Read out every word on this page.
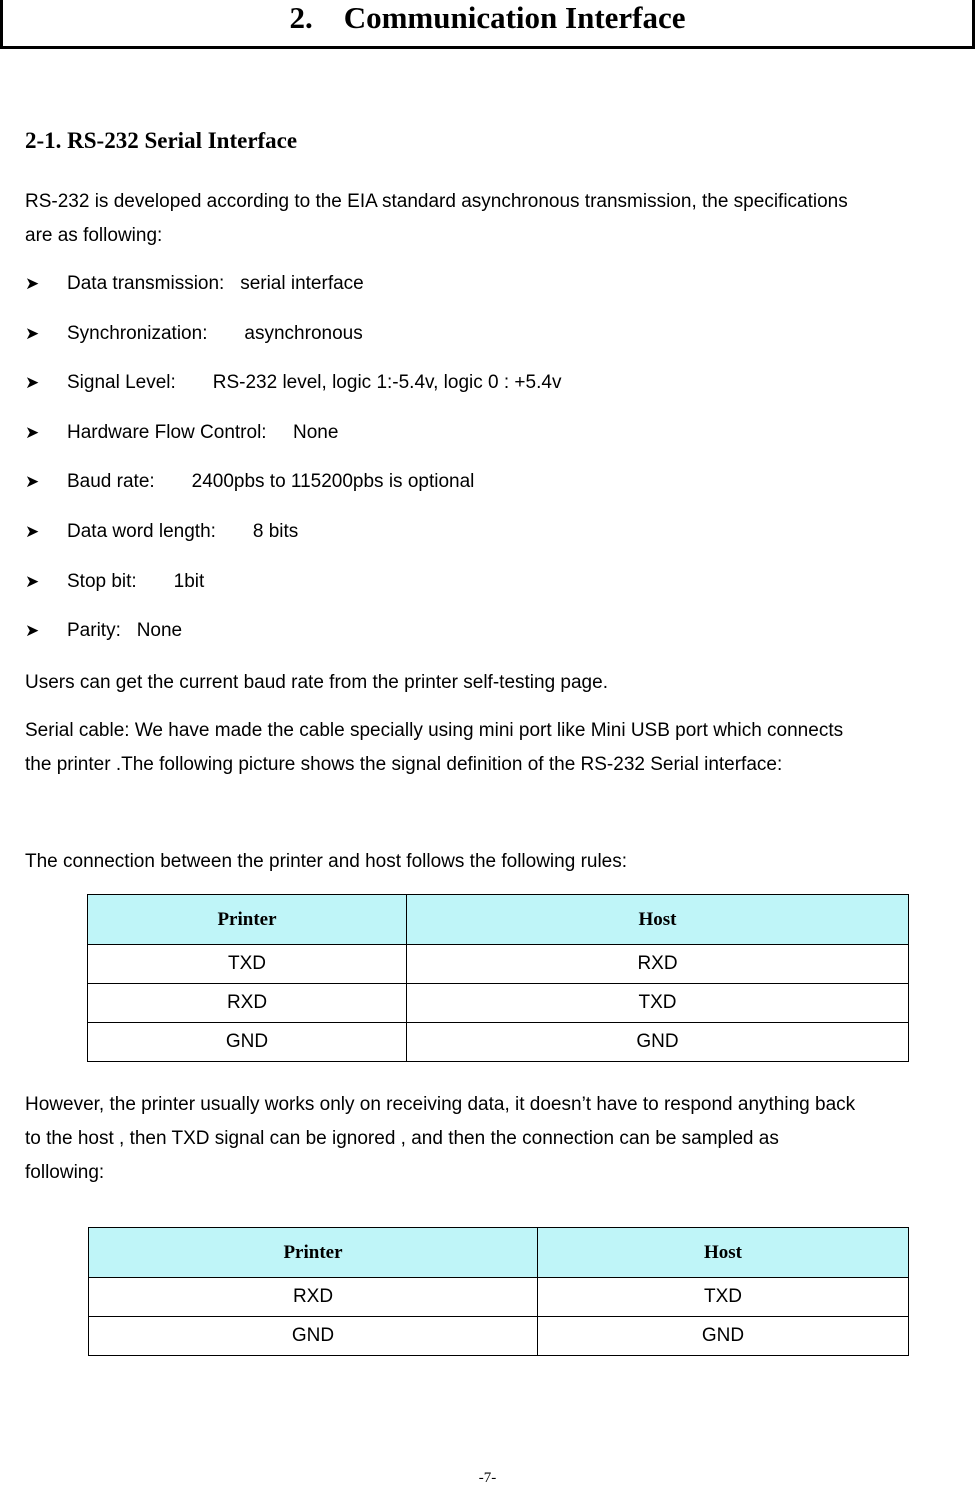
2. Communication Interface
2-1. RS-232 Serial Interface

RS-232 is developed according to the EIA standard asynchronous transmission, the specifications
are as following:

➤	Data transmission:
serial interface
➤	Synchronization:
asynchronous
➤	Signal Level:
RS-232 level, logic 1:-5.4v, logic 0 : +5.4v
➤	Hardware Flow Control:
None
➤	Baud rate:
2400pbs to 115200pbs is optional
➤	Data word length:
8 bits
➤	Stop bit:
1bit
➤	Parity:
None

Users can get the current baud rate from the printer self-testing page.

Serial cable: We have made the cable specially using mini port like Mini USB port which connects
the printer .The following picture shows the signal definition of the RS-232 Serial interface:

The connection between the printer and host follows the following rules:

Printer	Host
TXD	RXD
RXD	TXD
GND	GND

However, the printer usually works only on receiving data, it doesn’t have to respond anything back
to the host , then TXD signal can be ignored , and then the connection can be sampled as
following:

Printer	Host
RXD	TXD
GND	GND
-7-
